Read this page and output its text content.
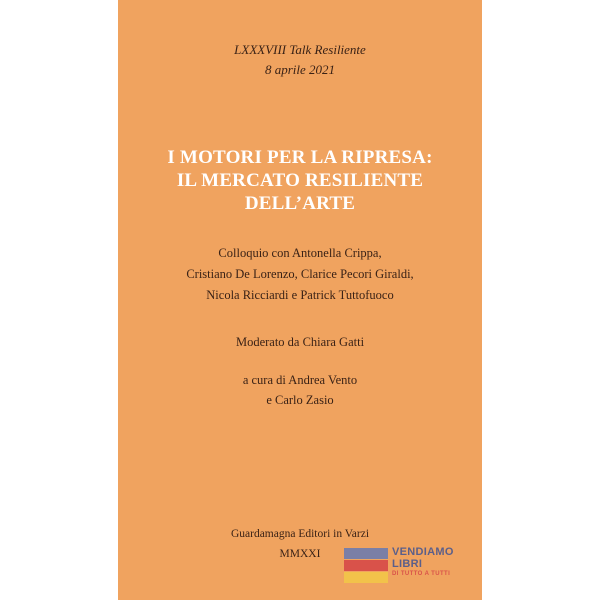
LXXXVIII Talk Resiliente
8 aprile 2021
I MOTORI PER LA RIPRESA:
IL MERCATO RESILIENTE
DELL’ARTE
Colloquio con Antonella Crippa,
Cristiano De Lorenzo, Clarice Pecori Giraldi,
Nicola Ricciardi e Patrick Tuttofuoco
Moderato da Chiara Gatti
a cura di Andrea Vento
e Carlo Zasio
Guardamagna Editori in Varzi
MMXXI	VENDIAMO
LIBRI
DI TUTTO A TUTTI
